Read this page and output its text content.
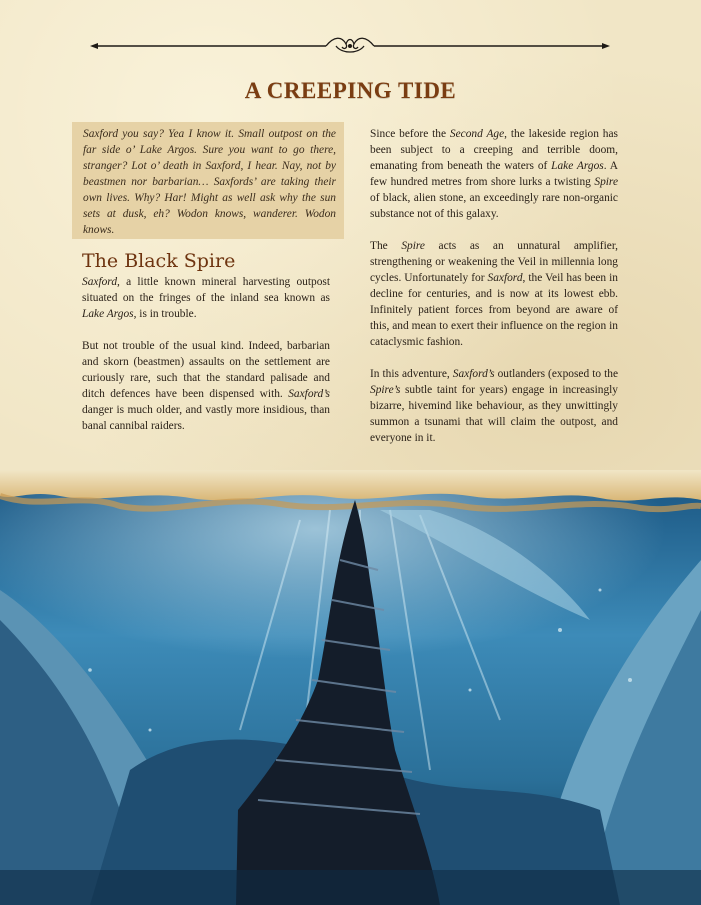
A CREEPING TIDE

Saxford you say? Yea I know it. Small outpost on the far side o’ Lake Argos. Sure you want to go there, stranger? Lot o’ death in Saxford, I hear. Nay, not by beastmen nor barbarian… Saxfords’ are taking their own lives. Why? Har! Might as well ask why the sun sets at dusk, eh? Wodon knows, wanderer. Wodon knows.

The Black Spire

Saxford, a little known mineral harvesting outpost situated on the fringes of the inland sea known as Lake Argos, is in trouble.

But not trouble of the usual kind. Indeed, barbarian and skorn (beastmen) assaults on the settlement are curiously rare, such that the standard palisade and ditch defences have been dispensed with. Saxford’s danger is much older, and vastly more insidious, than banal cannibal raiders.

Since before the Second Age, the lakeside region has been subject to a creeping and terrible doom, emanating from beneath the waters of Lake Argos. A few hundred metres from shore lurks a twisting Spire of black, alien stone, an exceedingly rare non-organic substance not of this galaxy.

The Spire acts as an unnatural amplifier, strengthening or weakening the Veil in millennia long cycles. Unfortunately for Saxford, the Veil has been in decline for centuries, and is now at its lowest ebb. Infinitely patient forces from beyond are aware of this, and mean to exert their influence on the region in cataclysmic fashion.

In this adventure, Saxford’s outlanders (exposed to the Spire’s subtle taint for years) engage in increasingly bizarre, hivemind like behaviour, as they unwittingly summon a tsunami that will claim the outpost, and everyone in it.
